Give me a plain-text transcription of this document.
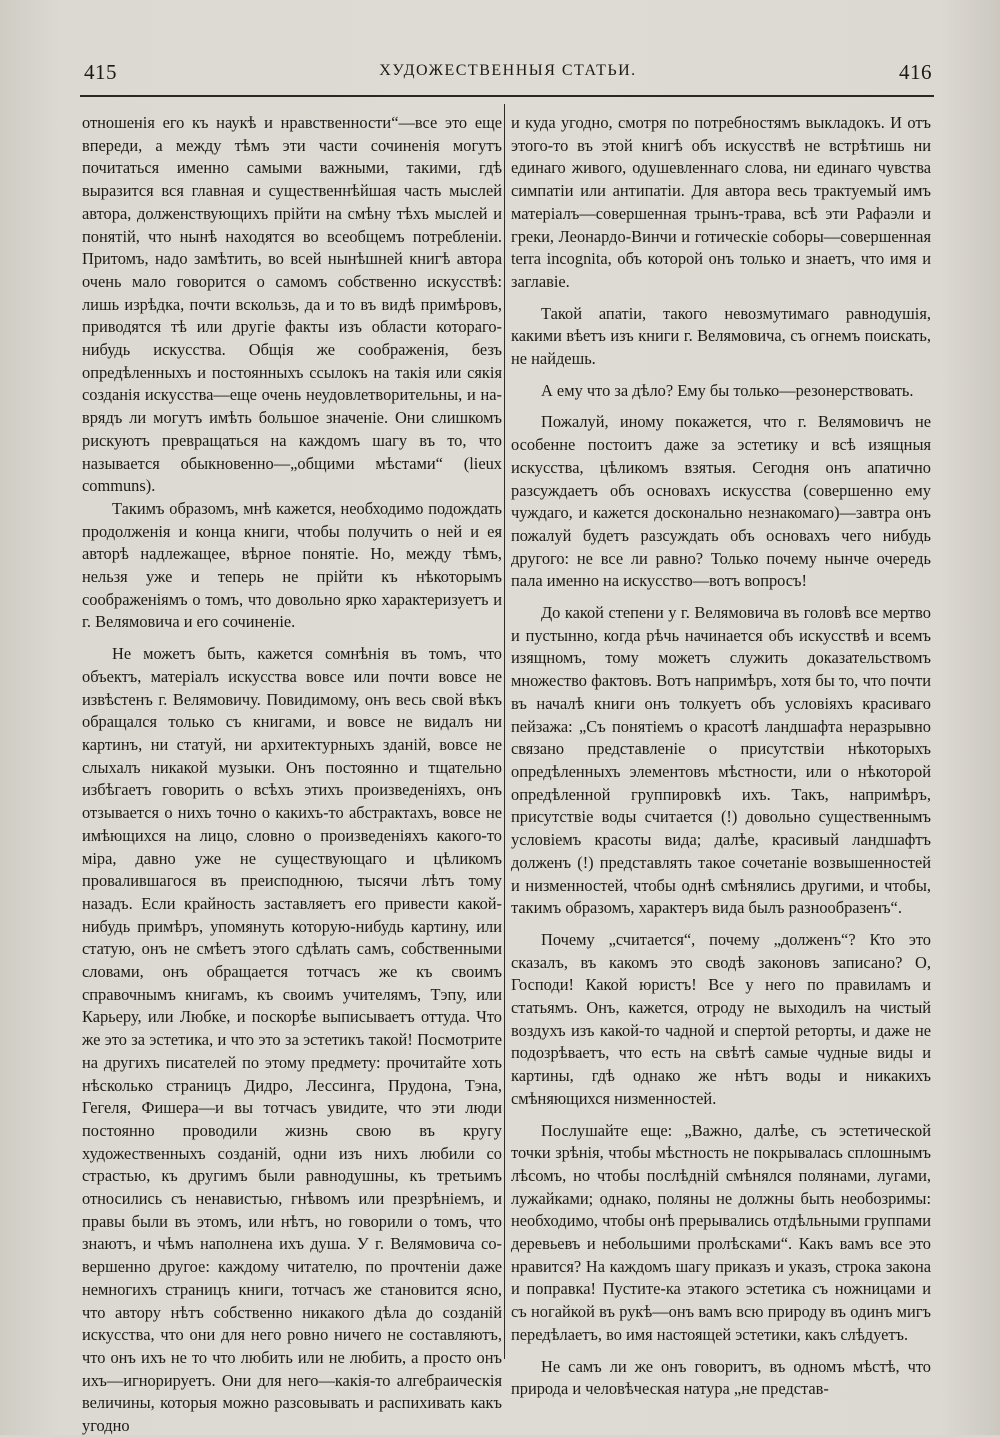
415	ХУДОЖЕСТВЕННЫЯ СТАТЬИ.	416

отношенія его къ наукѣ и нравственности“—все это еще впереди, а между тѣмъ эти части сочиненія могутъ почитаться именно самыми важными, такими, гдѣ выразится вся главная и существеннѣйшая часть мыслей автора, долженствующихъ прійти на смѣну тѣхъ мыслей и понятій, что нынѣ находятся во всеобщемъ потребленіи. Притомъ, надо замѣтить, во всей нынѣшней книгѣ автора очень мало говорится о самомъ собственно искусствѣ: лишь изрѣдка, почти вскользь, да и то въ видѣ примѣровъ, приводятся тѣ или другіе факты изъ области котораго-нибудь искусства. Общія же соображенія, безъ опредѣленныхъ и постоянныхъ ссылокъ на такія или сякія созданія искусства—еще очень неудовлетворительны, и наврядъ ли могутъ имѣть большое значеніе. Они слишкомъ рискуютъ превращаться на каждомъ шагу въ то, что называется обыкновенно—„общими мѣстами“ (lieux communs).

Такимъ образомъ, мнѣ кажется, необходимо подождать продолженія и конца книги, чтобы получить о ней и ея авторѣ надлежащее, вѣрное понятіе. Но, между тѣмъ, нельзя уже и теперь не прійти къ нѣкоторымъ соображеніямъ о томъ, что довольно ярко характеризуетъ и г. Велямовича и его сочиненіе.

Не можетъ быть, кажется сомнѣнія въ томъ, что объектъ, матеріалъ искусства вовсе или почти вовсе не извѣстенъ г. Велямовичу. Повидимому, онъ весь свой вѣкъ обращался только съ книгами, и вовсе не видалъ ни картинъ, ни статуй, ни архитектурныхъ зданій, вовсе не слыхалъ никакой музыки. Онъ постоянно и тщательно избѣгаетъ говорить о всѣхъ этихъ произведеніяхъ, онъ отзывается о нихъ точно о какихъ-то абстрактахъ, вовсе не имѣющихся на лицо, словно о произведеніяхъ какого-то міра, давно уже не существующаго и цѣликомъ провалившагося въ преисподнюю, тысячи лѣтъ тому назадъ. Если крайность заставляетъ его привести какой-нибудь примѣръ, упомянуть которую-нибудь картину, или статую, онъ не смѣетъ этого сдѣлать самъ, собственными словами, онъ обращается тотчасъ же къ своимъ справочнымъ книгамъ, къ своимъ учителямъ, Тэпу, или Карьеру, или Любке, и поскорѣе выписываетъ оттуда. Что же это за эстетика, и что это за эстетикъ такой! Посмотрите на другихъ писателей по этому предмету: прочитайте хоть нѣсколько страницъ Дидро, Лессинга, Прудона, Тэна, Гегеля, Фишера—и вы тотчасъ увидите, что эти люди постоянно проводили жизнь свою въ кругу художественныхъ созданій, одни изъ нихъ любили со страстью, къ другимъ были равнодушны, къ третьимъ относились съ ненавистью, гнѣвомъ или презрѣніемъ, и правы были въ этомъ, или нѣтъ, но говорили о томъ, что знаютъ, и чѣмъ наполнена ихъ душа. У г. Велямовича совершенно другое: каждому читателю, по прочтеніи даже немногихъ страницъ книги, тотчасъ же становится ясно, что автору нѣтъ собственно никакого дѣла до созданій искусства, что они для него ровно ничего не составляютъ, что онъ ихъ не то что любить или не любить, а просто онъ ихъ—игнорируетъ. Они для него—какія-то алгебраическія величины, которыя можно разсовывать и распихивать какъ угодно

и куда угодно, смотря по потребностямъ выкладокъ. И отъ этого-то въ этой книгѣ объ искусствѣ не встрѣтишь ни единаго живого, одушевленнаго слова, ни единаго чувства симпатіи или антипатіи. Для автора весь трактуемый имъ матеріалъ—совершенная трынъ-трава, всѣ эти Рафаэли и греки, Леонардо-Винчи и готическіе соборы—совершенная terra incognita, объ которой онъ только и знаетъ, что имя и заглавіе.

Такой апатіи, такого невозмутимаго равнодушія, какими вѣетъ изъ книги г. Велямовича, съ огнемъ поискать, не найдешь.

А ему что за дѣло? Ему бы только—резонерствовать.

Пожалуй, иному покажется, что г. Велямовичъ не особенне постоитъ даже за эстетику и всѣ изящныя искусства, цѣликомъ взятыя. Сегодня онъ апатично разсуждаетъ объ основахъ искусства (совершенно ему чуждаго, и кажется досконально незнакомаго)—завтра онъ пожалуй будетъ разсуждать объ основахъ чего нибудь другого: не все ли равно? Только почему нынче очередь пала именно на искусство—вотъ вопросъ!

До какой степени у г. Велямовича въ головѣ все мертво и пустынно, когда рѣчь начинается объ искусствѣ и всемъ изящномъ, тому можетъ служить доказательствомъ множество фактовъ. Вотъ напримѣръ, хотя бы то, что почти въ началѣ книги онъ толкуетъ объ условіяхъ красиваго пейзажа: „Съ понятіемъ о красотѣ ландшафта неразрывно связано представленіе о присутствіи нѣкоторыхъ опредѣленныхъ элементовъ мѣстности, или о нѣкоторой опредѣленной группировкѣ ихъ. Такъ, напримѣръ, присутствіе воды считается (!) довольно существеннымъ условіемъ красоты вида; далѣе, красивый ландшафтъ долженъ (!) представлять такое сочетаніе возвышенностей и низменностей, чтобы однѣ смѣнялись другими, и чтобы, такимъ образомъ, характеръ вида былъ разнообразенъ“.

Почему „считается“, почему „долженъ“? Кто это сказалъ, въ какомъ это сводѣ законовъ записано? О, Господи! Какой юристъ! Все у него по правиламъ и статьямъ. Онъ, кажется, отроду не выходилъ на чистый воздухъ изъ какой-то чадной и спертой реторты, и даже не подозрѣваетъ, что есть на свѣтѣ самые чудные виды и картины, гдѣ однако же нѣтъ воды и никакихъ смѣняющихся низменностей.

Послушайте еще: „Важно, далѣе, съ эстетической точки зрѣнія, чтобы мѣстность не покрывалась сплошнымъ лѣсомъ, но чтобы послѣдній смѣнялся полянами, лугами, лужайками; однако, поляны не должны быть необозримы: необходимо, чтобы онѣ прерывались отдѣльными группами деревьевъ и небольшими пролѣсками“. Какъ вамъ все это нравится? На каждомъ шагу приказъ и указъ, строка закона и поправка! Пустите-ка этакого эстетика съ ножницами и съ ногайкой въ рукѣ—онъ вамъ всю природу въ одинъ мигъ передѣлаетъ, во имя настоящей эстетики, какъ слѣдуетъ.

Не самъ ли же онъ говоритъ, въ одномъ мѣстѣ, что природа и человѣческая натура „не представ-
